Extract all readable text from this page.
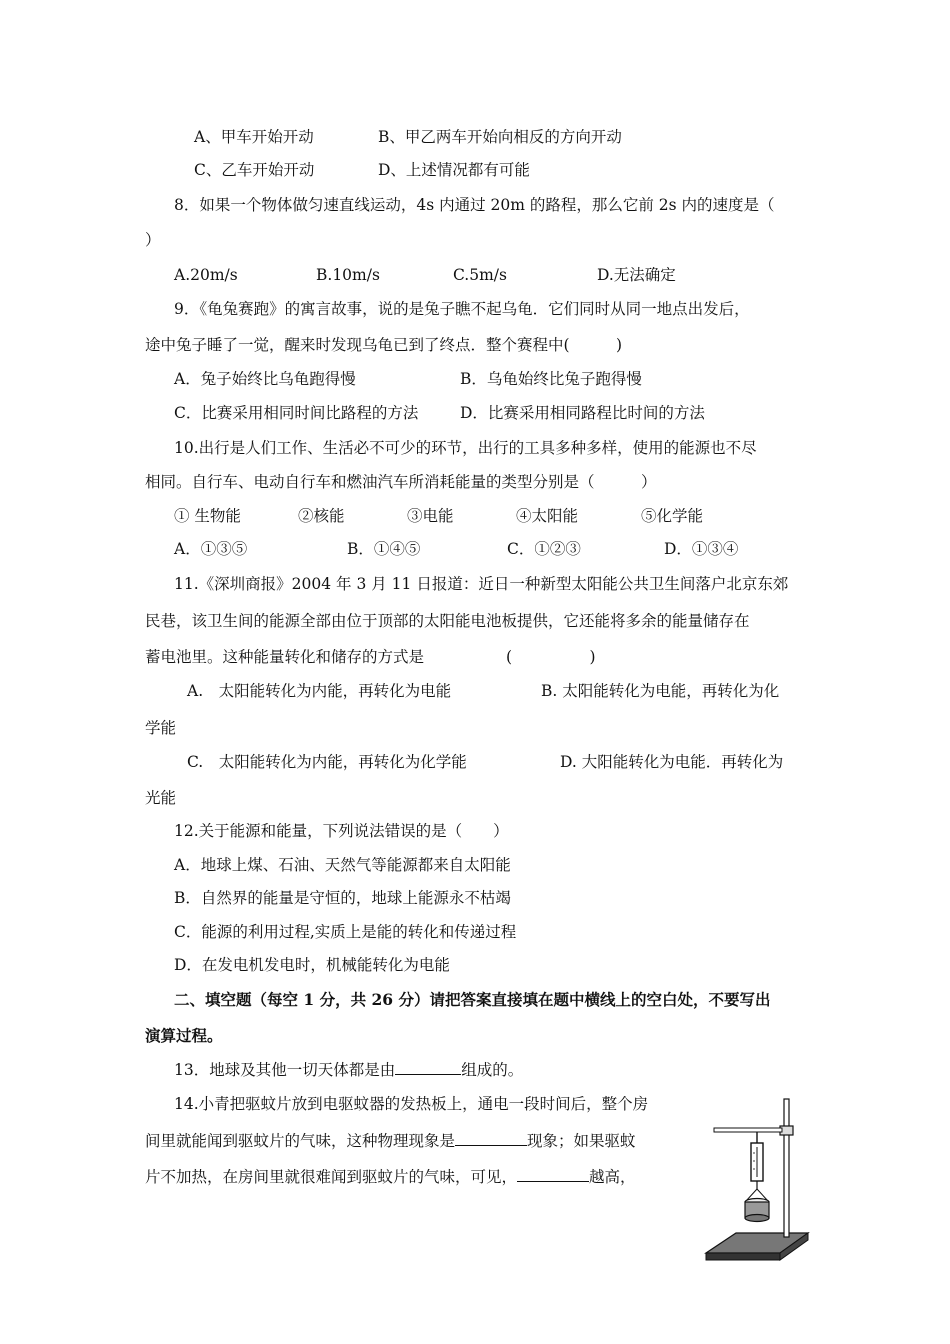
A、甲车开始开动	B、甲乙两车开始向相反的方向开动
C、乙车开始开动	D、上述情况都有可能
8．如果一个物体做匀速直线运动，4s 内通过 20m 的路程，那么它前 2s 内的速度是（
）
A.20m/s	B.10m/s	C.5m/s	D.无法确定
9．《龟兔赛跑》的寓言故事，说的是兔子瞧不起乌龟．它们同时从同一地点出发后，
途中兔子睡了一觉，醒来时发现乌龟已到了终点．整个赛程中(　　　)
A．兔子始终比乌龟跑得慢	B．乌龟始终比兔子跑得慢
C．比赛采用相同时间比路程的方法	D．比赛采用相同路程比时间的方法
10.出行是人们工作、生活必不可少的环节，出行的工具多种多样，使用的能源也不尽
相同。自行车、电动自行车和燃油汽车所消耗能量的类型分别是（　　　）
① 生物能	②核能	③电能	④太阳能	⑤化学能
A．①③⑤	B．①④⑤	C．①②③	D．①③④
11.《深圳商报》2004 年 3 月 11 日报道：近日一种新型太阳能公共卫生间落户北京东郊
民巷，该卫生间的能源全部由位于顶部的太阳能电池板提供，它还能将多余的能量储存在
蓄电池里。这种能量转化和储存的方式是	(　　　　　)
A.　太阳能转化为内能，再转化为电能	B. 太阳能转化为电能，再转化为化
学能
C.　太阳能转化为内能，再转化为化学能	D. 大阳能转化为电能．再转化为
光能
12.关于能源和能量，下列说法错误的是（　　）
A．地球上煤、石油、天然气等能源都来自太阳能
B．自然界的能量是守恒的，地球上能源永不枯竭
C．能源的利用过程,实质上是能的转化和传递过程
D．在发电机发电时，机械能转化为电能
二、填空题（每空 1 分，共 26 分）请把答案直接填在题中横线上的空白处，不要写出
演算过程。
13．地球及其他一切天体都是由	组成的。
14.小青把驱蚊片放到电驱蚊器的发热板上，通电一段时间后，整个房
间里就能闻到驱蚊片的气味，这种物理现象是	现象；如果驱蚊
片不加热，在房间里就很难闻到驱蚊片的气味，可见，	越高，
